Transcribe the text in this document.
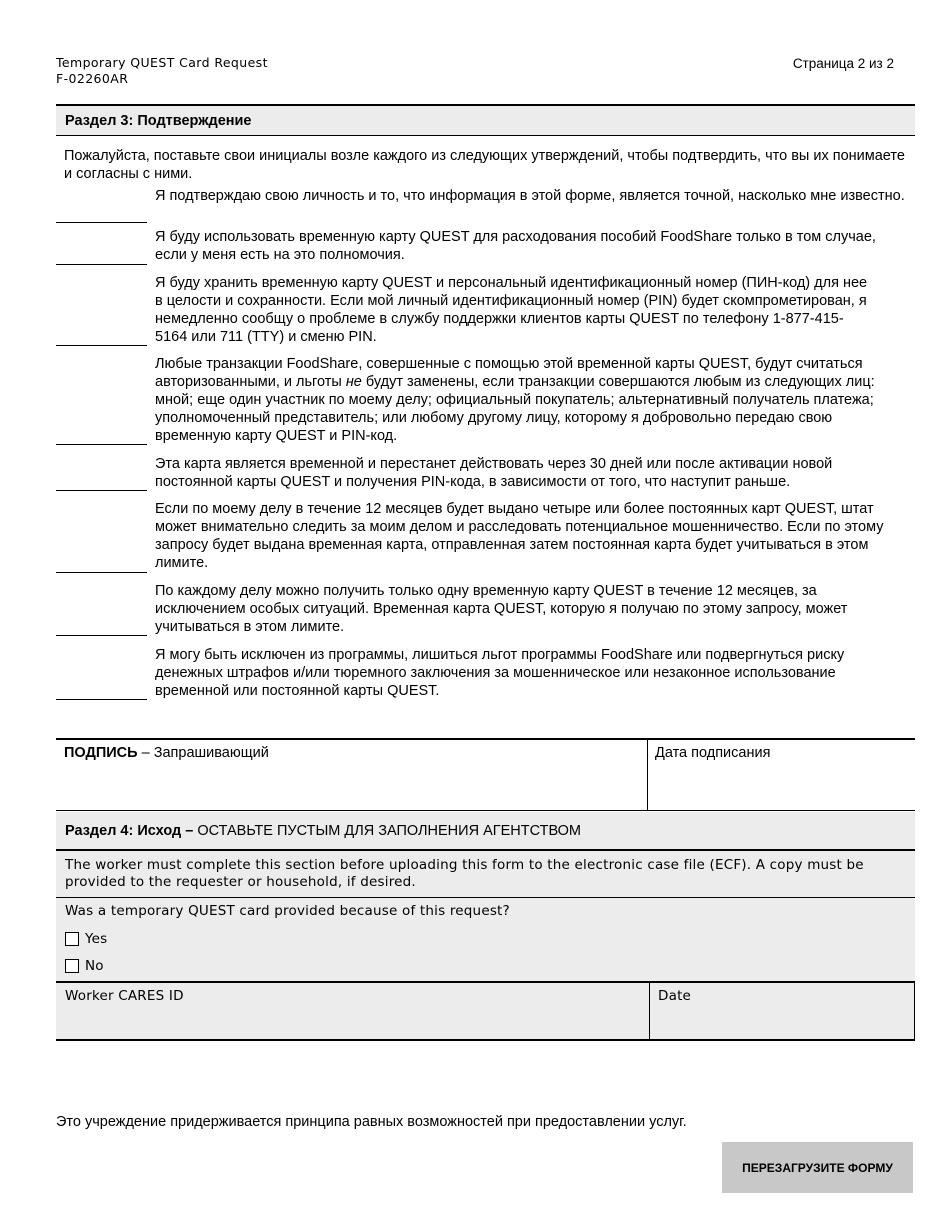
Temporary QUEST Card Request
F-02260AR
Страница 2 из 2
Раздел 3: Подтверждение
Пожалуйста, поставьте свои инициалы возле каждого из следующих утверждений, чтобы подтвердить, что вы их понимаете и согласны с ними.
Я подтверждаю свою личность и то, что информация в этой форме, является точной, насколько мне известно.
Я буду использовать временную карту QUEST для расходования пособий FoodShare только в том случае, если у меня есть на это полномочия.
Я буду хранить временную карту QUEST и персональный идентификационный номер (ПИН-код) для нее в целости и сохранности. Если мой личный идентификационный номер (PIN) будет скомпрометирован, я немедленно сообщу о проблеме в службу поддержки клиентов карты QUEST по телефону 1-877-415-5164 или 711 (TTY) и сменю PIN.
Любые транзакции FoodShare, совершенные с помощью этой временной карты QUEST, будут считаться авторизованными, и льготы не будут заменены, если транзакции совершаются любым из следующих лиц: мной; еще один участник по моему делу; официальный покупатель; альтернативный получатель платежа; уполномоченный представитель; или любому другому лицу, которому я добровольно передаю свою временную карту QUEST и PIN-код.
Эта карта является временной и перестанет действовать через 30 дней или после активации новой постоянной карты QUEST и получения PIN-кода, в зависимости от того, что наступит раньше.
Если по моему делу в течение 12 месяцев будет выдано четыре или более постоянных карт QUEST, штат может внимательно следить за моим делом и расследовать потенциальное мошенничество. Если по этому запросу будет выдана временная карта, отправленная затем постоянная карта будет учитываться в этом лимите.
По каждому делу можно получить только одну временную карту QUEST в течение 12 месяцев, за исключением особых ситуаций. Временная карта QUEST, которую я получаю по этому запросу, может учитываться в этом лимите.
Я могу быть исключен из программы, лишиться льгот программы FoodShare или подвергнуться риску денежных штрафов и/или тюремного заключения за мошенническое или незаконное использование временной или постоянной карты QUEST.
ПОДПИСЬ – Запрашивающий	Дата подписания
Раздел 4: Исход – ОСТАВЬТЕ ПУСТЫМ ДЛЯ ЗАПОЛНЕНИЯ АГЕНТСТВОМ
The worker must complete this section before uploading this form to the electronic case file (ECF). A copy must be provided to the requester or household, if desired.
Was a temporary QUEST card provided because of this request?
Yes
No
Worker CARES ID	Date
Это учреждение придерживается принципа равных возможностей при предоставлении услуг.
ПЕРЕЗАГРУЗИТЕ ФОРМУ
